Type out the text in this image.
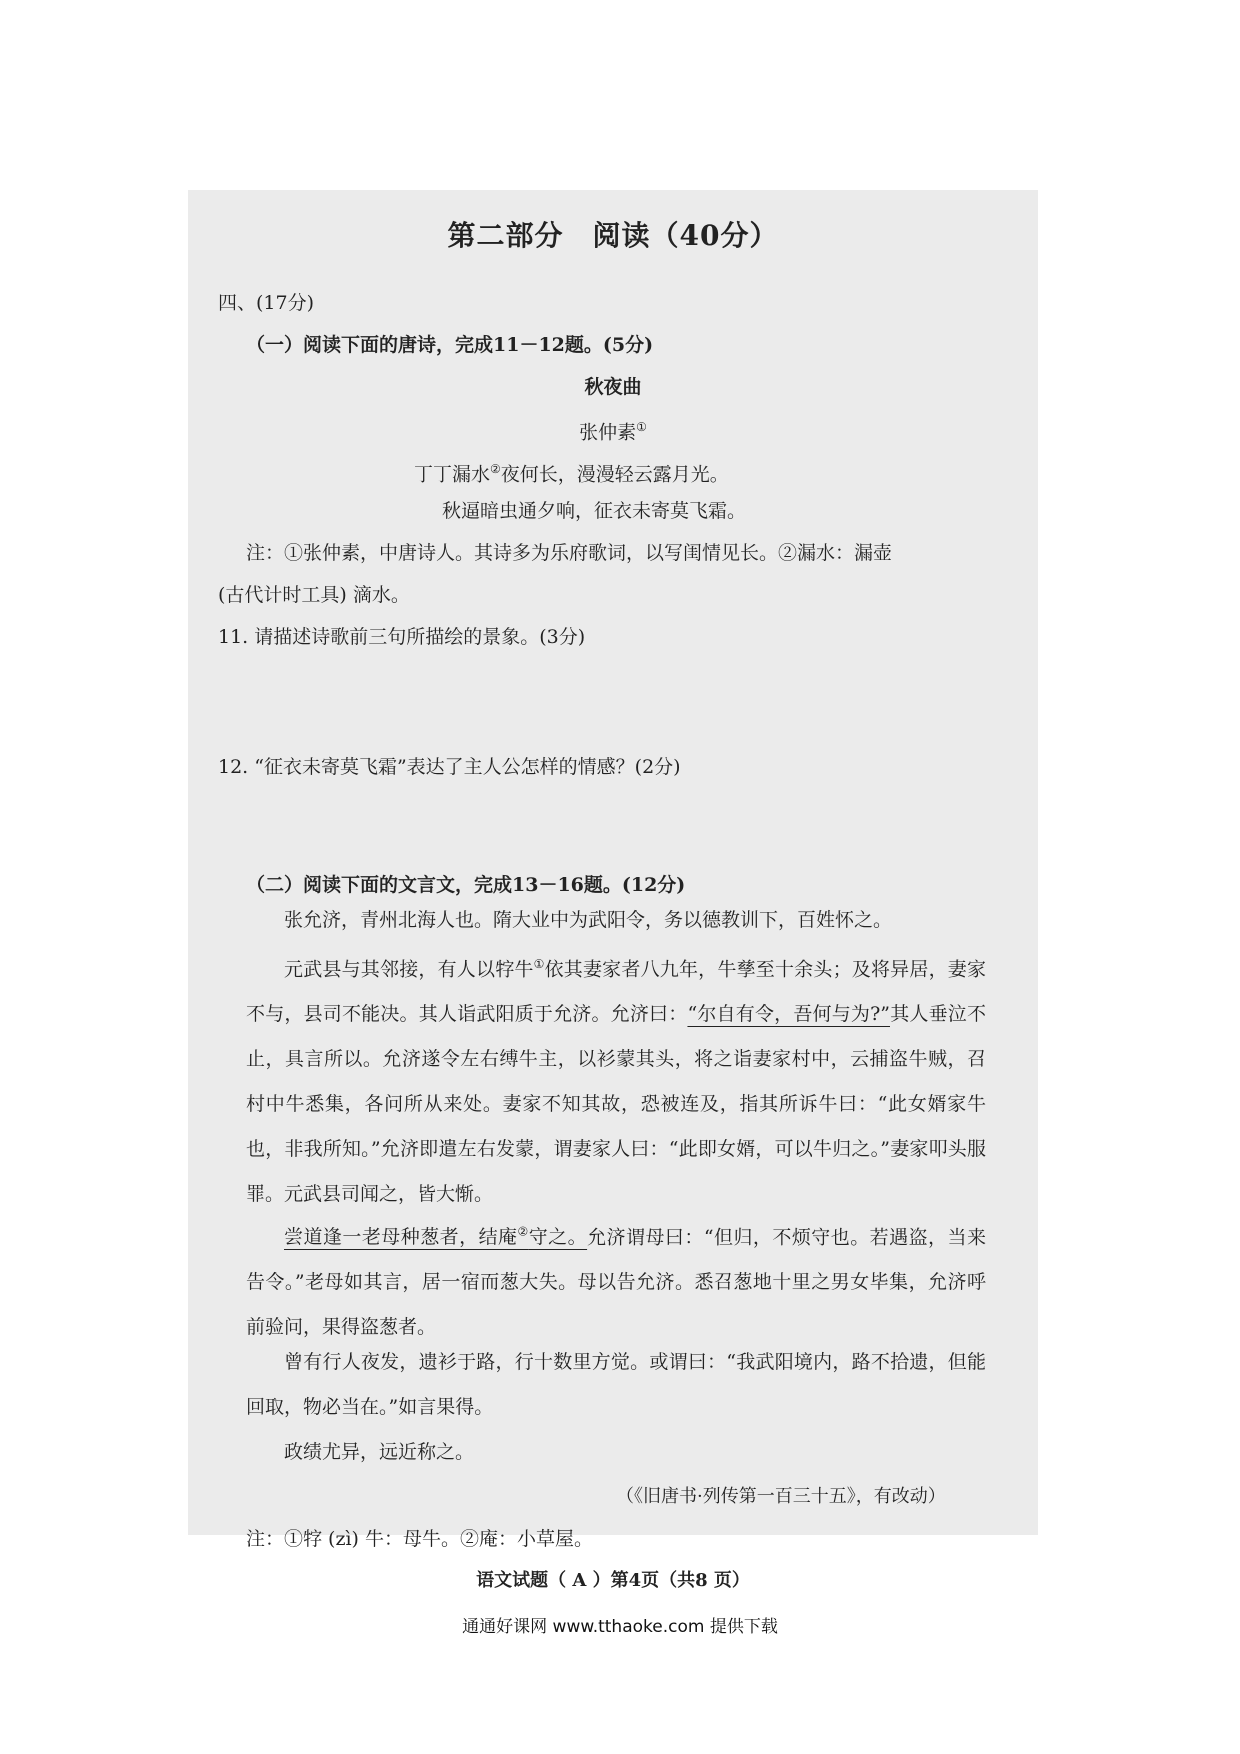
第二部分　阅读（40分）
四、(17分)
（一）阅读下面的唐诗，完成11－12题。(5分)
秋夜曲
张仲素①
丁丁漏水②夜何长，漫漫轻云露月光。
秋逼暗虫通夕响，征衣未寄莫飞霜。
注：①张仲素，中唐诗人。其诗多为乐府歌词，以写闺情见长。②漏水：漏壶
(古代计时工具) 滴水。
11. 请描述诗歌前三句所描绘的景象。(3分)
12. “征衣未寄莫飞霜”表达了主人公怎样的情感？(2分)
（二）阅读下面的文言文，完成13－16题。(12分)
张允济，青州北海人也。隋大业中为武阳令，务以德教训下，百姓怀之。
元武县与其邻接，有人以牸牛①依其妻家者八九年，牛孳至十余头；及将异居，妻家不与，县司不能决。其人诣武阳质于允济。允济曰：“尔自有令，吾何与为?”其人垂泣不止，具言所以。允济遂令左右缚牛主，以衫蒙其头，将之诣妻家村中，云捕盗牛贼，召村中牛悉集，各问所从来处。妻家不知其故，恐被连及，指其所诉牛曰：“此女婿家牛也，非我所知。”允济即遣左右发蒙，谓妻家人曰：“此即女婿，可以牛归之。”妻家叩头服罪。元武县司闻之，皆大惭。
尝道逢一老母种葱者，结庵②守之。允济谓母曰：“但归，不烦守也。若遇盗，当来告令。”老母如其言，居一宿而葱大失。母以告允济。悉召葱地十里之男女毕集，允济呼前验问，果得盗葱者。
曾有行人夜发，遗衫于路，行十数里方觉。或谓曰：“我武阳境内，路不拾遗，但能回取，物必当在。”如言果得。
政绩尤异，远近称之。
（《旧唐书·列传第一百三十五》，有改动）
注：①牸 (zì) 牛：母牛。②庵：小草屋。
语文试题（ A ）第4页（共8 页）
通通好课网 www.tthaoke.com 提供下载
